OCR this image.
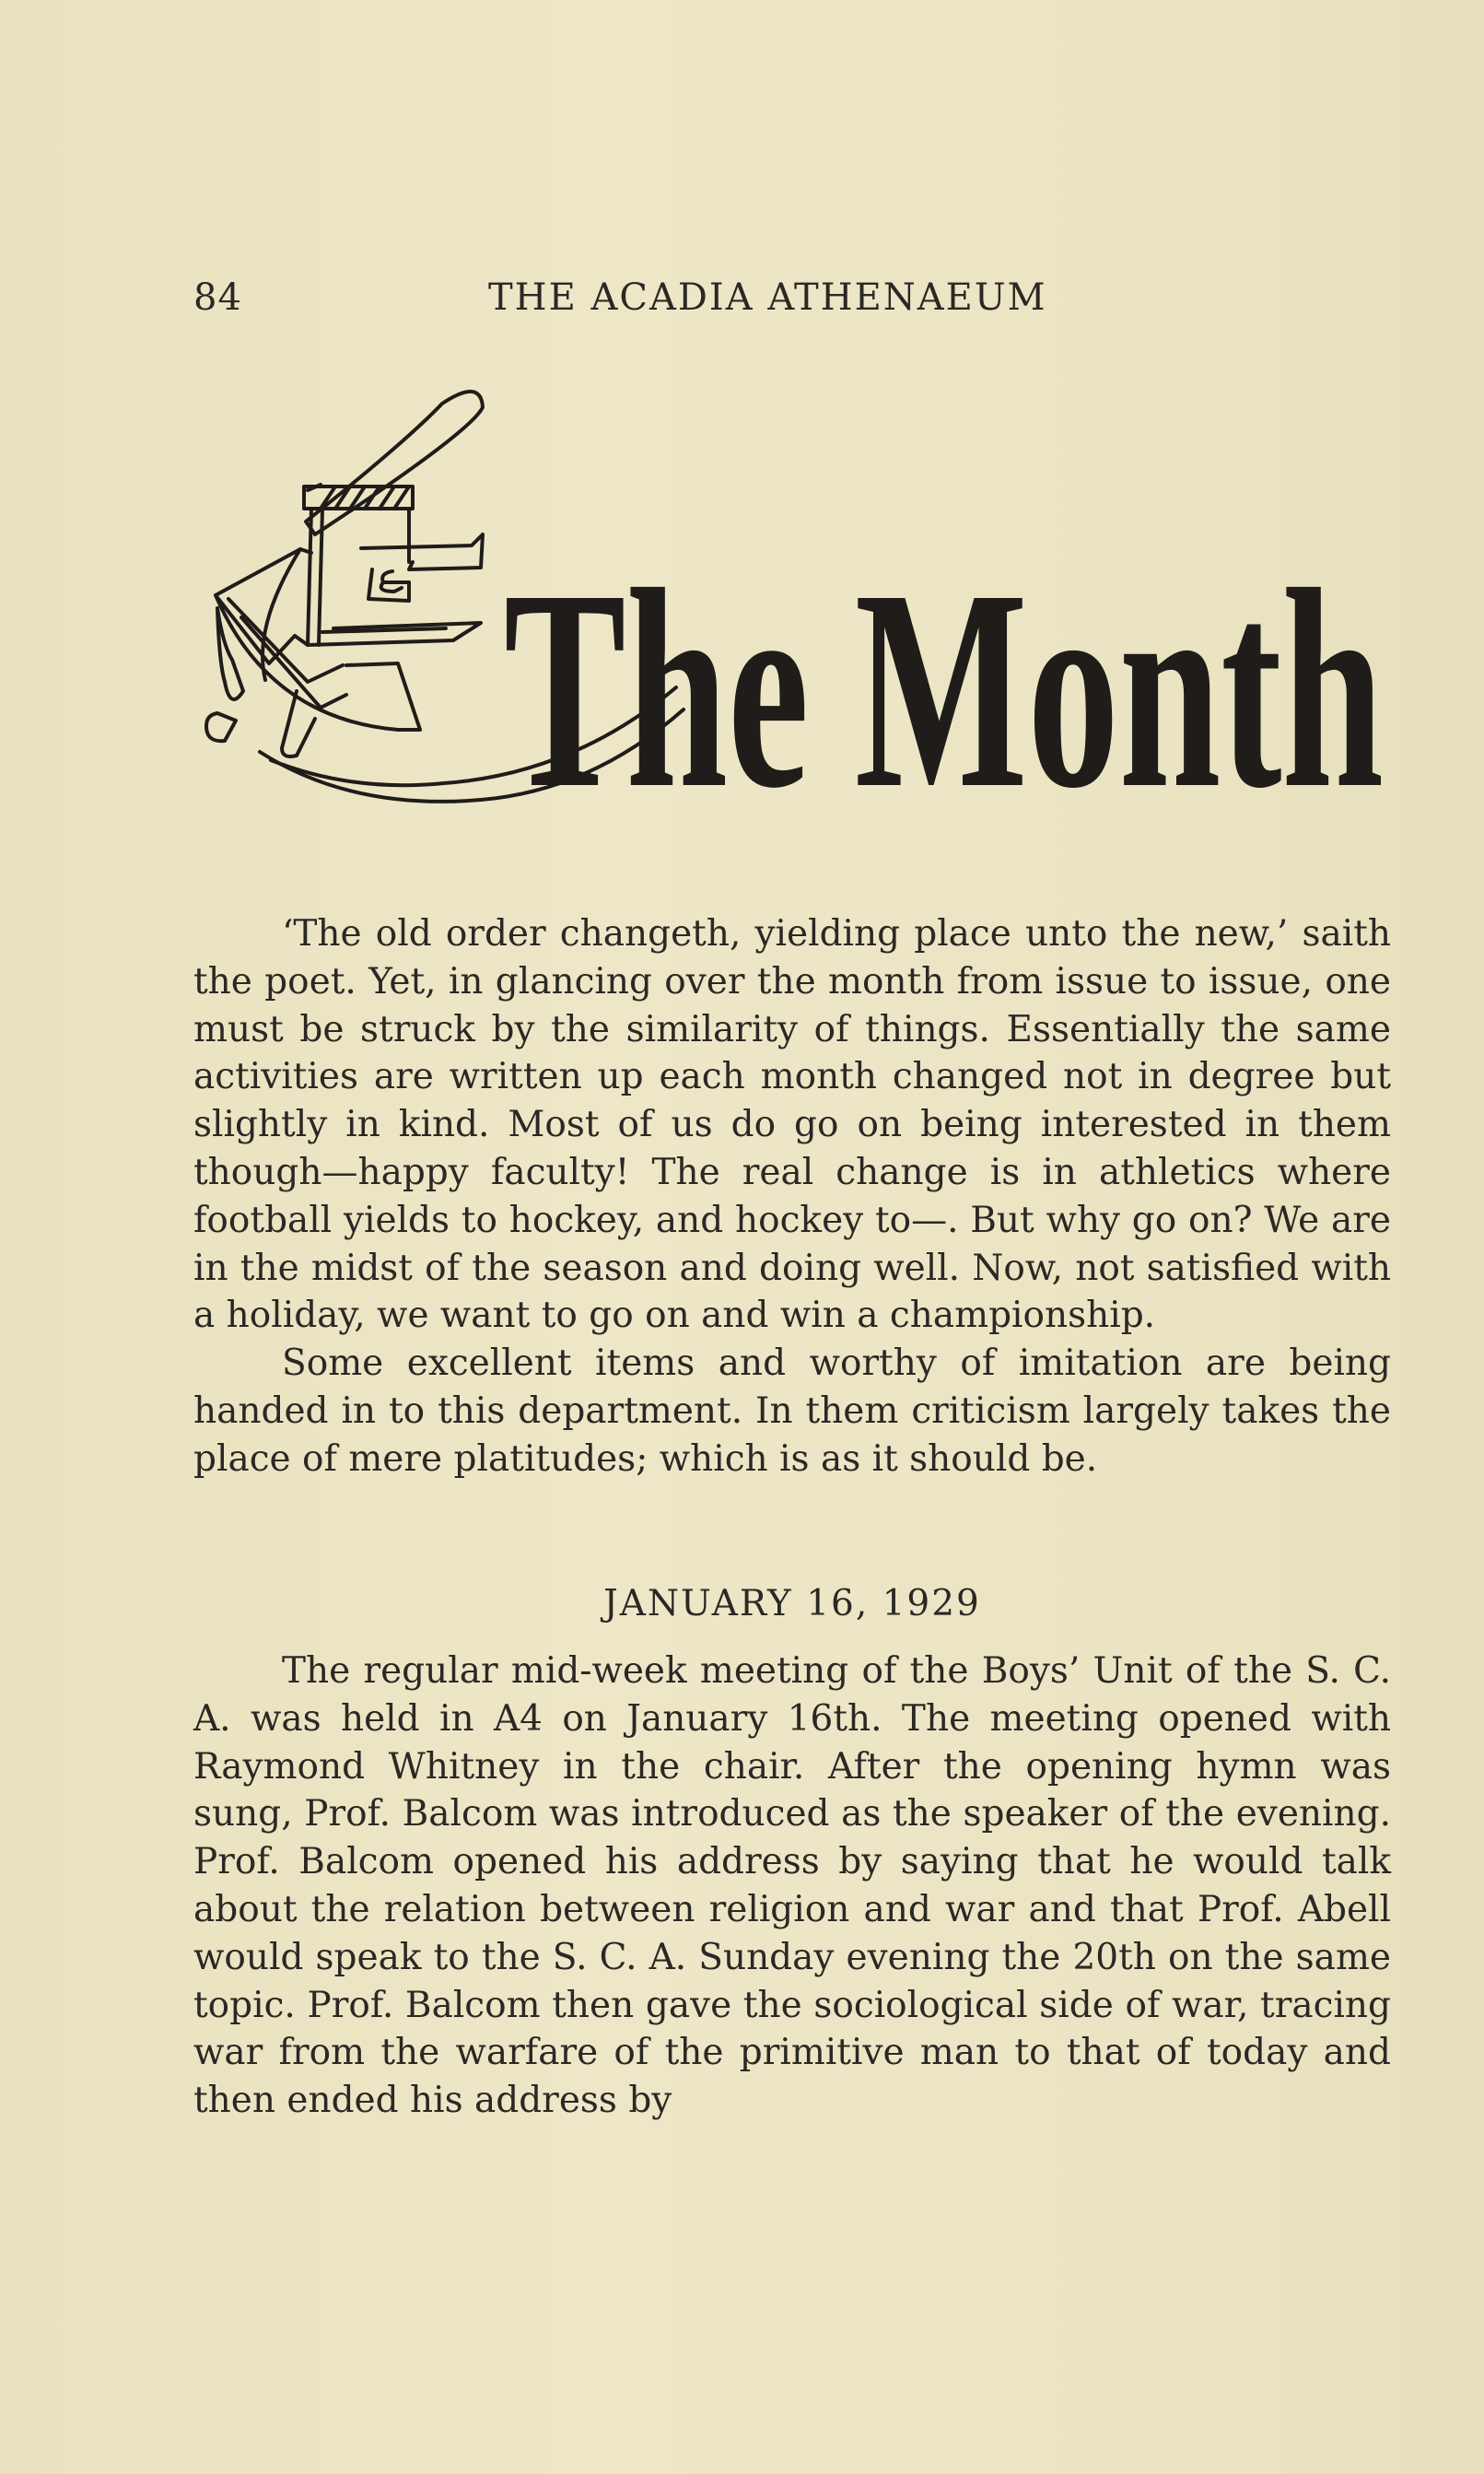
84	THE ACADIA ATHENAEUM
The Month

‘The old order changeth, yielding place unto the new,’ saith the poet. Yet, in glancing over the month from issue to issue, one must be struck by the similarity of things. Essentially the same activities are written up each month changed not in degree but slightly in kind. Most of us do go on being interested in them though—happy faculty! The real change is in athletics where football yields to hockey, and hockey to—. But why go on? We are in the midst of the season and doing well. Now, not satisfied with a holiday, we want to go on and win a championship.

Some excellent items and worthy of imitation are being handed in to this department. In them criticism largely takes the place of mere platitudes; which is as it should be.

JANUARY 16, 1929

The regular mid-week meeting of the Boys’ Unit of the S. C. A. was held in A4 on January 16th. The meeting opened with Raymond Whitney in the chair. After the opening hymn was sung, Prof. Balcom was introduced as the speaker of the evening. Prof. Balcom opened his address by saying that he would talk about the relation between religion and war and that Prof. Abell would speak to the S. C. A. Sunday evening the 20th on the same topic. Prof. Balcom then gave the sociological side of war, tracing war from the warfare of the primitive man to that of today and then ended his address by
